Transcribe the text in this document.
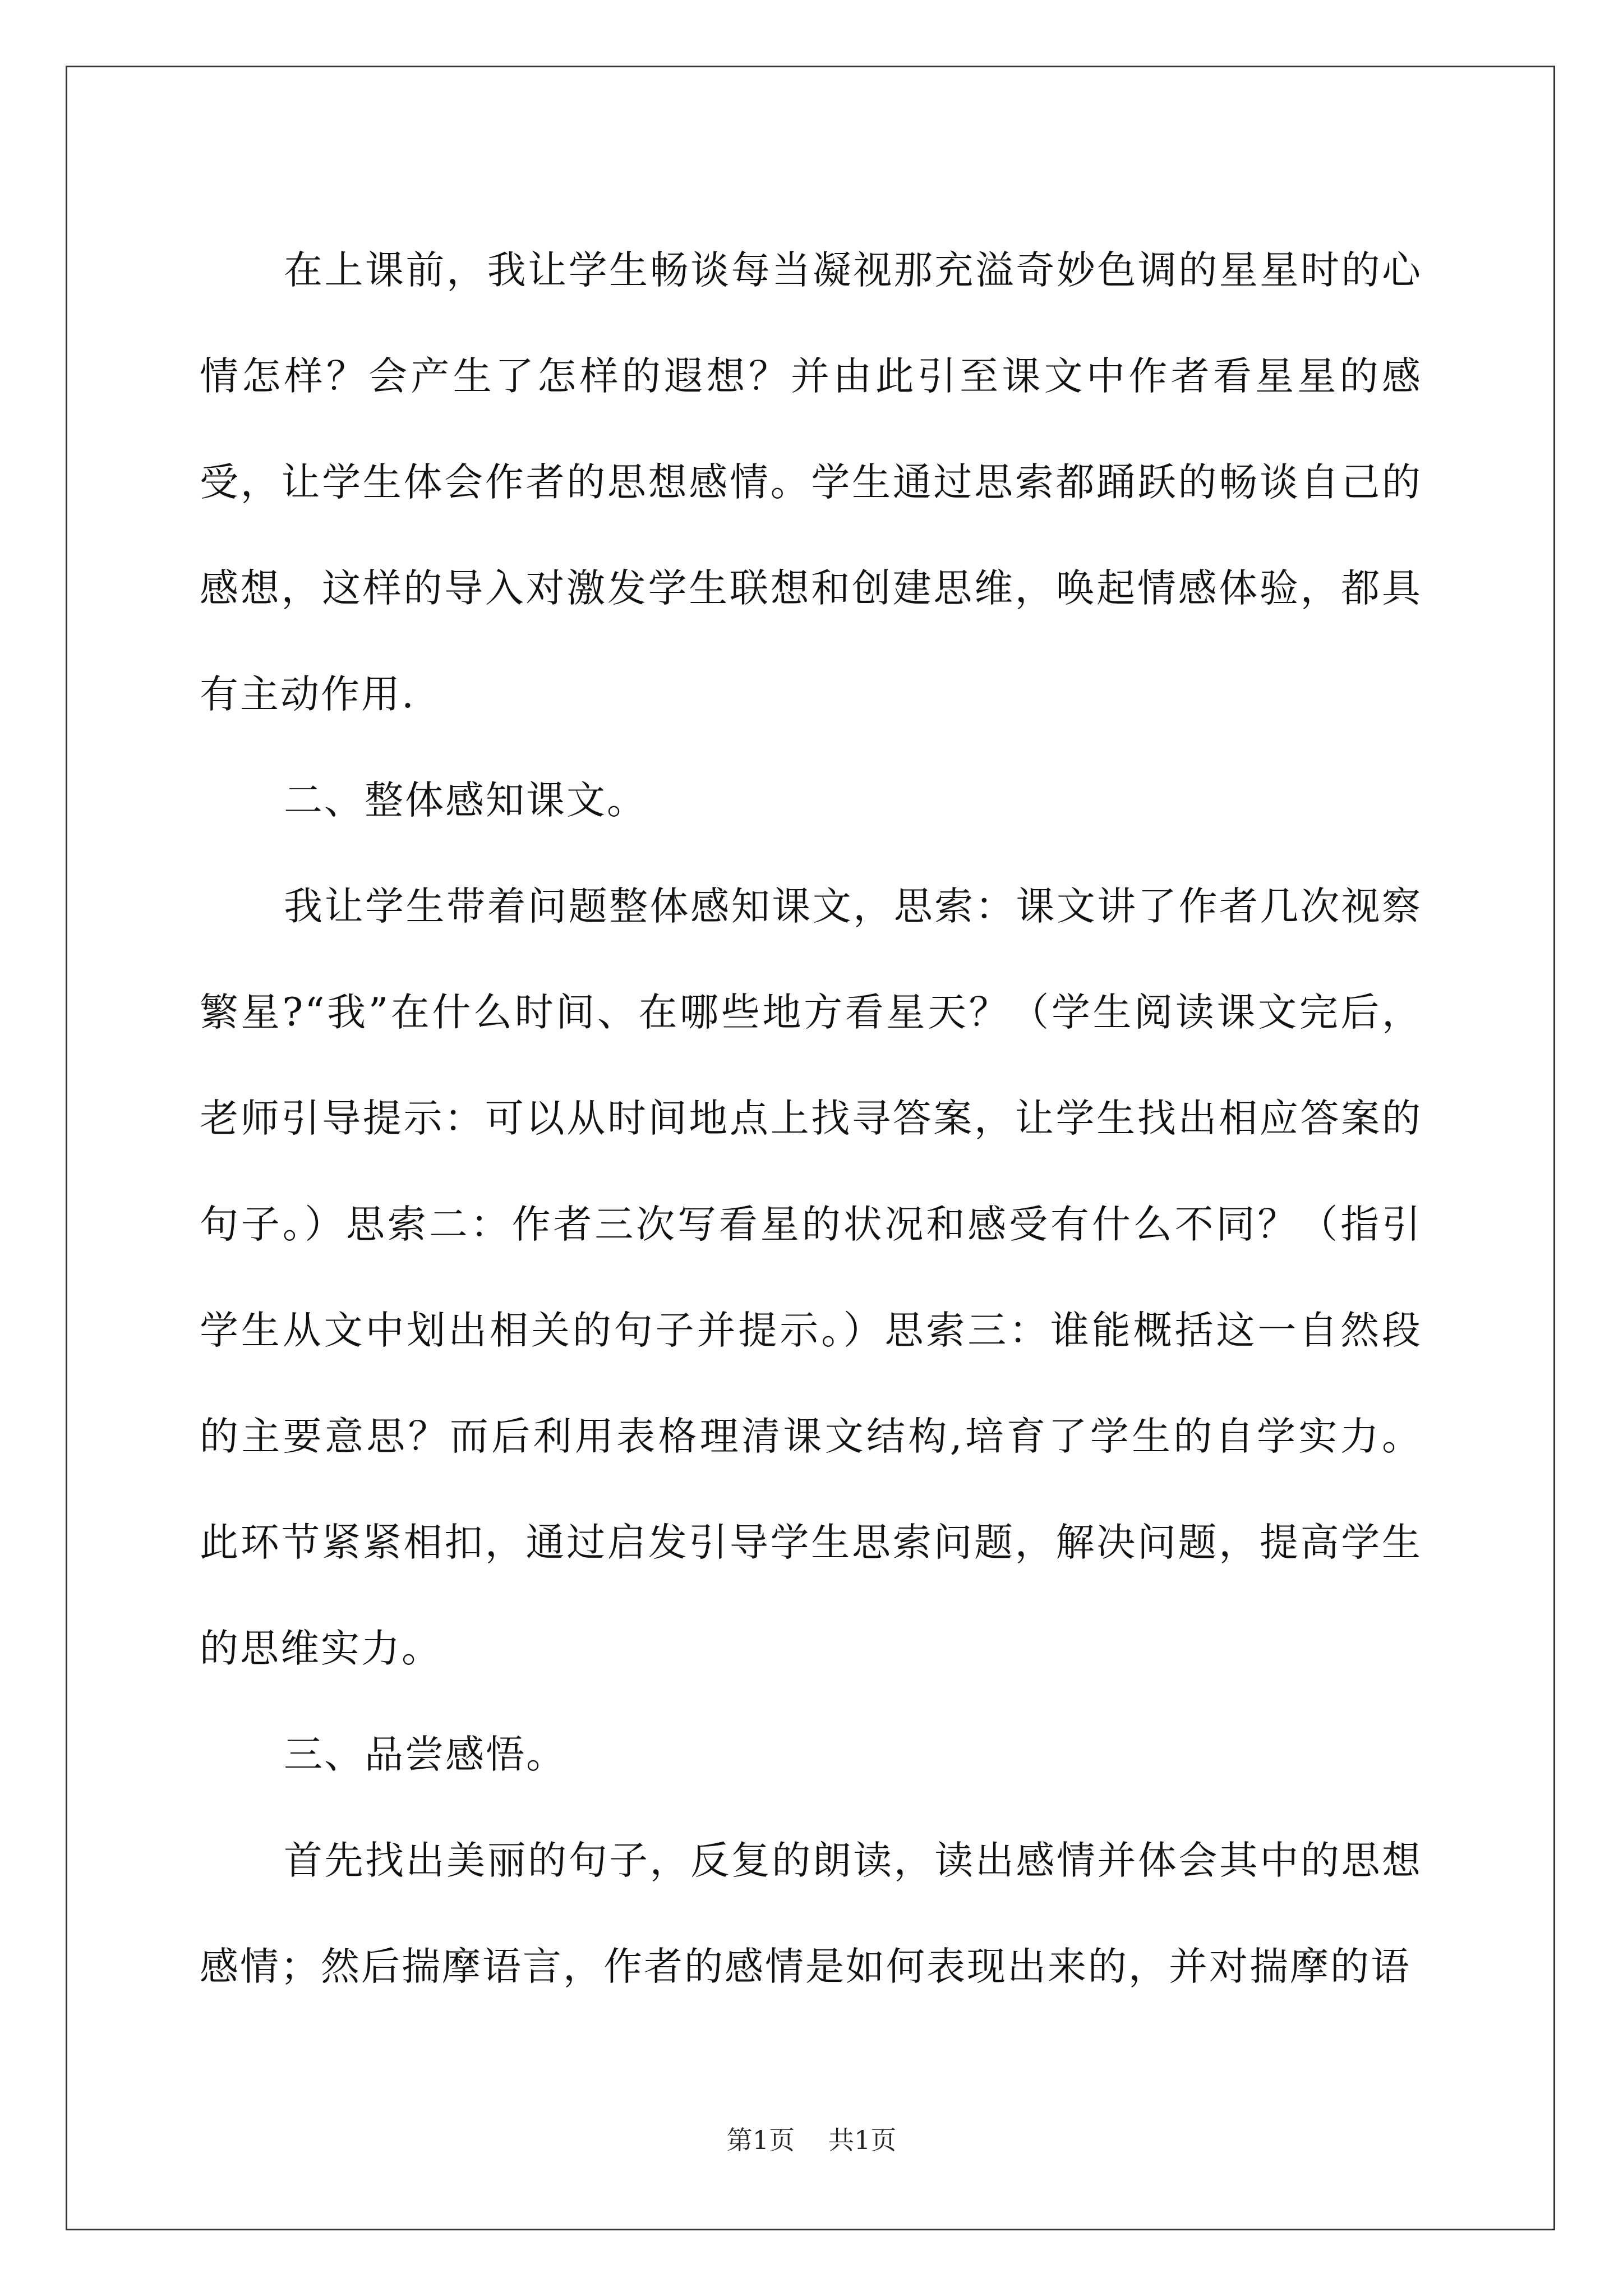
在上课前，我让学生畅谈每当凝视那充溢奇妙色调的星星时的心情怎样？会产生了怎样的遐想？并由此引至课文中作者看星星的感受，让学生体会作者的思想感情。学生通过思索都踊跃的畅谈自己的感想，这样的导入对激发学生联想和创建思维，唤起情感体验，都具有主动作用.

二、整体感知课文。

我让学生带着问题整体感知课文，思索：课文讲了作者几次视察繁星?“我”在什么时间、在哪些地方看星天？（学生阅读课文完后，老师引导提示：可以从时间地点上找寻答案，让学生找出相应答案的句子。）思索二：作者三次写看星的状况和感受有什么不同？（指引学生从文中划出相关的句子并提示。）思索三：谁能概括这一自然段的主要意思？而后利用表格理清课文结构,培育了学生的自学实力。此环节紧紧相扣，通过启发引导学生思索问题，解决问题，提高学生的思维实力。

三、品尝感悟。

首先找出美丽的句子，反复的朗读，读出感情并体会其中的思想感情；然后揣摩语言，作者的感情是如何表现出来的，并对揣摩的语

第1页 共1页
